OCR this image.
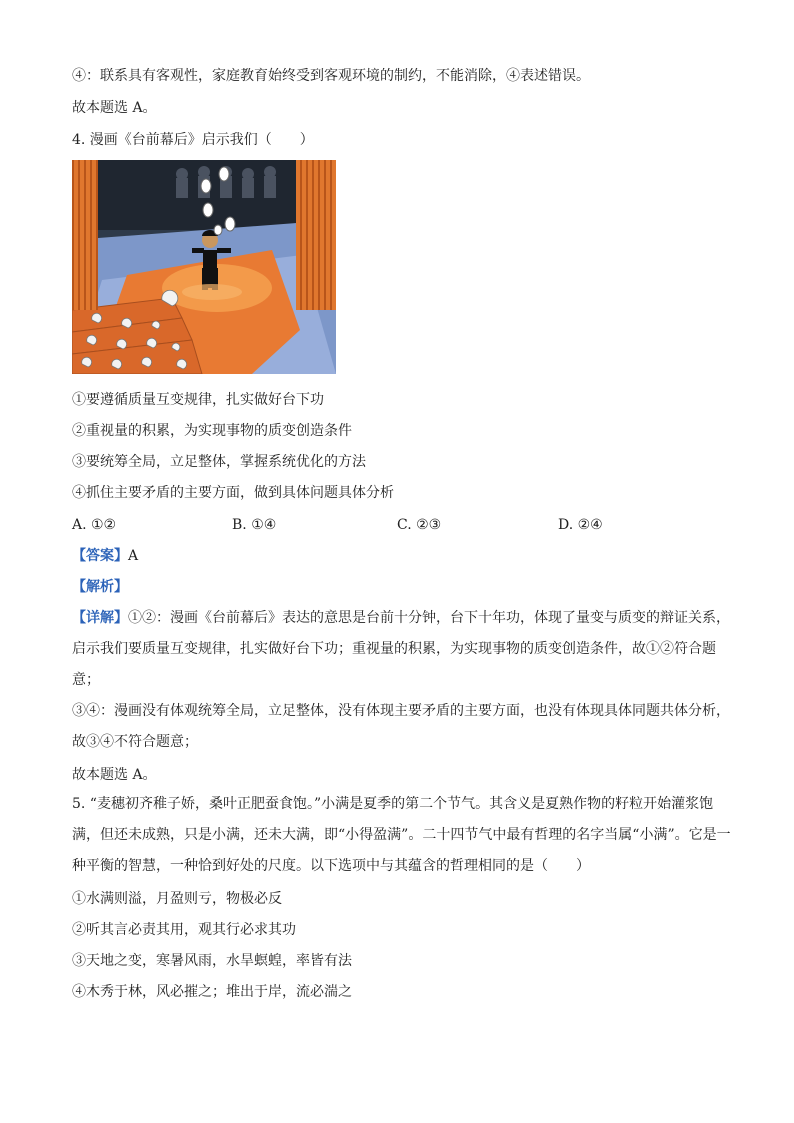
④：联系具有客观性，家庭教育始终受到客观环境的制约，不能消除，④表述错误。
故本题选 A。
4. 漫画《台前幕后》启示我们（　　）
①要遵循质量互变规律，扎实做好台下功
②重视量的积累，为实现事物的质变创造条件
③要统筹全局，立足整体，掌握系统优化的方法
④抓住主要矛盾的主要方面，做到具体问题具体分析
A. ①②	B. ①④	C. ②③	D. ②④
【答案】A
【解析】
【详解】①②：漫画《台前幕后》表达的意思是台前十分钟，台下十年功，体现了量变与质变的辩证关系，启示我们要质量互变规律，扎实做好台下功；重视量的积累，为实现事物的质变创造条件，故①②符合题意；
③④：漫画没有体观统筹全局，立足整体，没有体现主要矛盾的主要方面，也没有体现具体同题共体分析，故③④不符合题意；
故本题选 A。
5. “麦穗初齐稚子娇，桑叶正肥蚕食饱。”小满是夏季的第二个节气。其含义是夏熟作物的籽粒开始灌浆饱满，但还未成熟，只是小满，还未大满，即“小得盈满”。二十四节气中最有哲理的名字当属“小满”。它是一种平衡的智慧，一种恰到好处的尺度。以下选项中与其蕴含的哲理相同的是（　　）
①水满则溢，月盈则亏，物极必反
②听其言必责其用，观其行必求其功
③天地之变，寒暑风雨，水旱螟蝗，率皆有法
④木秀于林，风必摧之；堆出于岸，流必湍之
